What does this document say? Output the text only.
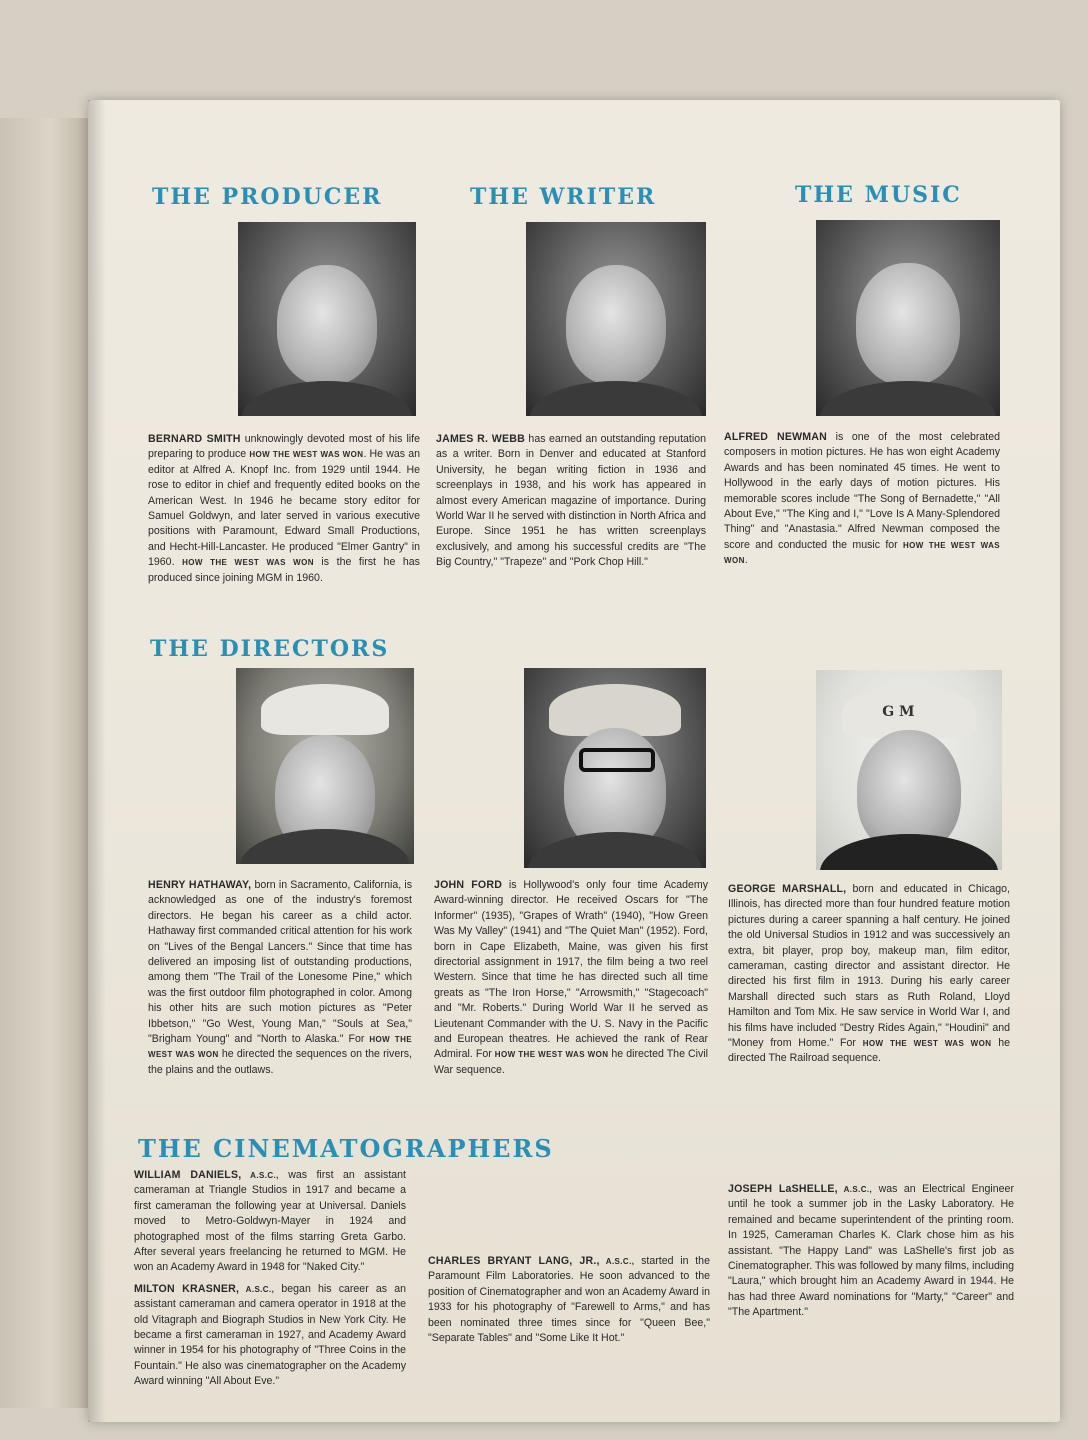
THE PRODUCER	THE WRITER	THE MUSIC
THE DIRECTORS
THE CINEMATOGRAPHERS

BERNARD SMITH unknowingly devoted most of his life preparing to produce HOW THE WEST WAS WON. He was an editor at Alfred A. Knopf Inc. from 1929 until 1944. He rose to editor in chief and frequently edited books on the American West. In 1946 he became story editor for Samuel Goldwyn, and later served in various executive positions with Paramount, Edward Small Productions, and Hecht-Hill-Lancaster. He produced "Elmer Gantry" in 1960. HOW THE WEST WAS WON is the first he has produced since joining MGM in 1960.

JAMES R. WEBB has earned an outstanding reputation as a writer. Born in Denver and educated at Stanford University, he began writing fiction in 1936 and screenplays in 1938, and his work has appeared in almost every American magazine of importance. During World War II he served with distinction in North Africa and Europe. Since 1951 he has written screenplays exclusively, and among his successful credits are "The Big Country," "Trapeze" and "Pork Chop Hill."

ALFRED NEWMAN is one of the most celebrated composers in motion pictures. He has won eight Academy Awards and has been nominated 45 times. He went to Hollywood in the early days of motion pictures. His memorable scores include "The Song of Bernadette," "All About Eve," "The King and I," "Love Is A Many-Splendored Thing" and "Anastasia." Alfred Newman composed the score and conducted the music for HOW THE WEST WAS WON.

G M

HENRY HATHAWAY, born in Sacramento, California, is acknowledged as one of the industry's foremost directors. He began his career as a child actor. Hathaway first commanded critical attention for his work on "Lives of the Bengal Lancers." Since that time has delivered an imposing list of outstanding productions, among them "The Trail of the Lonesome Pine," which was the first outdoor film photographed in color. Among his other hits are such motion pictures as "Peter Ibbetson," "Go West, Young Man," "Souls at Sea," "Brigham Young" and "North to Alaska." For HOW THE WEST WAS WON he directed the sequences on the rivers, the plains and the outlaws.

JOHN FORD is Hollywood's only four time Academy Award-winning director. He received Oscars for "The Informer" (1935), "Grapes of Wrath" (1940), "How Green Was My Valley" (1941) and "The Quiet Man" (1952). Ford, born in Cape Elizabeth, Maine, was given his first directorial assignment in 1917, the film being a two reel Western. Since that time he has directed such all time greats as "The Iron Horse," "Arrowsmith," "Stagecoach" and "Mr. Roberts." During World War II he served as Lieutenant Commander with the U. S. Navy in the Pacific and European theatres. He achieved the rank of Rear Admiral. For HOW THE WEST WAS WON he directed The Civil War sequence.

GEORGE MARSHALL, born and educated in Chicago, Illinois, has directed more than four hundred feature motion pictures during a career spanning a half century. He joined the old Universal Studios in 1912 and was successively an extra, bit player, prop boy, makeup man, film editor, cameraman, casting director and assistant director. He directed his first film in 1913. During his early career Marshall directed such stars as Ruth Roland, Lloyd Hamilton and Tom Mix. He saw service in World War I, and his films have included "Destry Rides Again," "Houdini" and "Money from Home." For HOW THE WEST WAS WON he directed The Railroad sequence.

WILLIAM DANIELS, A.S.C., was first an assistant cameraman at Triangle Studios in 1917 and became a first cameraman the following year at Universal. Daniels moved to Metro-Goldwyn-Mayer in 1924 and photographed most of the films starring Greta Garbo. After several years freelancing he returned to MGM. He won an Academy Award in 1948 for "Naked City."

MILTON KRASNER, A.S.C., began his career as an assistant cameraman and camera operator in 1918 at the old Vitagraph and Biograph Studios in New York City. He became a first cameraman in 1927, and Academy Award winner in 1954 for his photography of "Three Coins in the Fountain." He also was cinematographer on the Academy Award winning "All About Eve."

CHARLES BRYANT LANG, JR., A.S.C., started in the Paramount Film Laboratories. He soon advanced to the position of Cinematographer and won an Academy Award in 1933 for his photography of "Farewell to Arms," and has been nominated three times since for "Queen Bee," "Separate Tables" and "Some Like It Hot."

JOSEPH LaSHELLE, A.S.C., was an Electrical Engineer until he took a summer job in the Lasky Laboratory. He remained and became superintendent of the printing room. In 1925, Cameraman Charles K. Clark chose him as his assistant. "The Happy Land" was LaShelle's first job as Cinematographer. This was followed by many films, including "Laura," which brought him an Academy Award in 1944. He has had three Award nominations for "Marty," "Career" and "The Apartment."
